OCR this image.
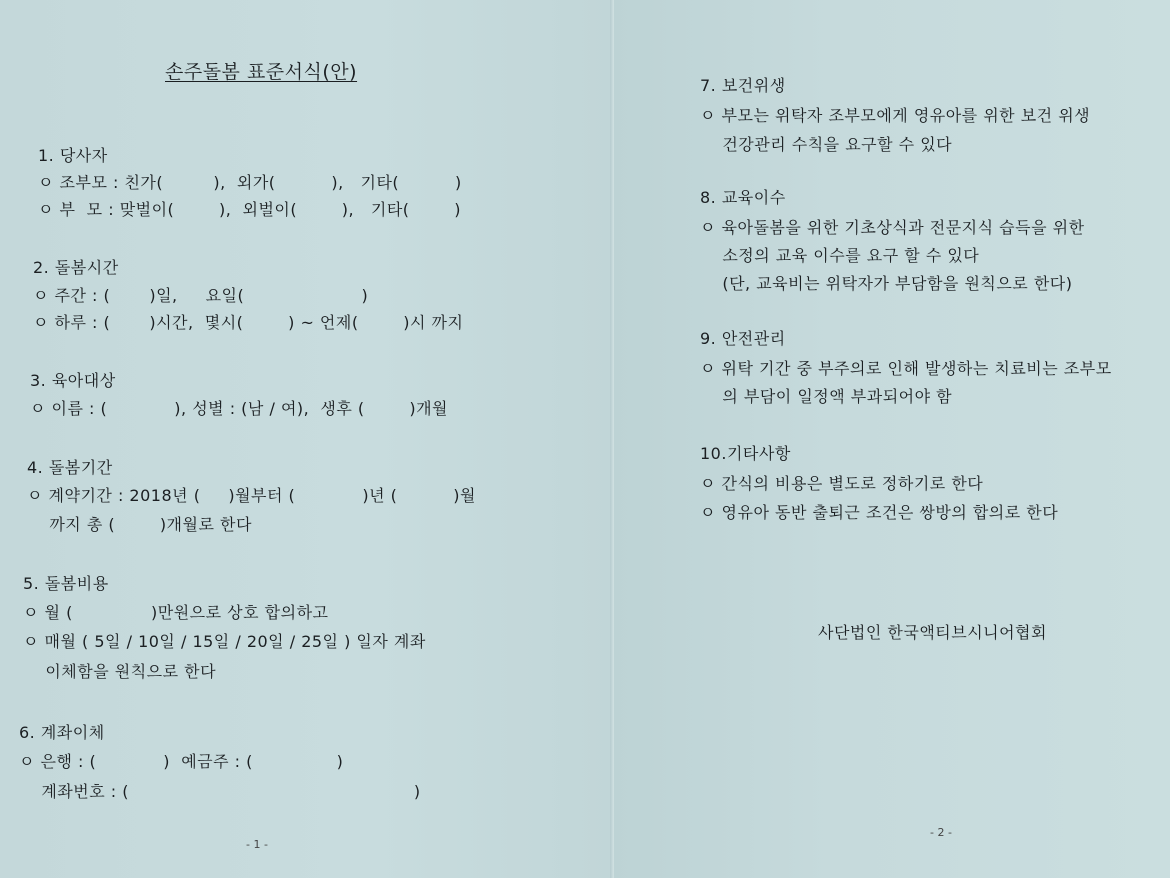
손주돌봄 표준서식(안)
1. 당사자
ㅇ 조부모 : 친가(         ),  외가(          ),   기타(          )
ㅇ 부  모 : 맞벌이(        ),  외벌이(        ),   기타(        )
2. 돌봄시간
ㅇ 주간 : (       )일,     요일(                     )
ㅇ 하루 : (       )시간,  몇시(        ) ~ 언제(        )시 까지
3. 육아대상
ㅇ 이름 : (            ), 성별 : (남 / 여),  생후 (        )개월
4. 돌봄기간
ㅇ 계약기간 : 2018년 (     )월부터 (            )년 (          )월
까지 총 (        )개월로 한다
5. 돌봄비용
ㅇ 월 (              )만원으로 상호 합의하고
ㅇ 매월 ( 5일 / 10일 / 15일 / 20일 / 25일 ) 일자 계좌
이체함을 원칙으로 한다
6. 계좌이체
ㅇ 은행 : (            )  예금주 : (               )
계좌번호 : (                                                   )
- 1 -
7. 보건위생
ㅇ 부모는 위탁자 조부모에게 영유아를 위한 보건 위생
건강관리 수칙을 요구할 수 있다
8. 교육이수
ㅇ 육아돌봄을 위한 기초상식과 전문지식 습득을 위한
소정의 교육 이수를 요구 할 수 있다
(단, 교육비는 위탁자가 부담함을 원칙으로 한다)
9. 안전관리
ㅇ 위탁 기간 중 부주의로 인해 발생하는 치료비는 조부모
의 부담이 일정액 부과되어야 함
10.기타사항
ㅇ 간식의 비용은 별도로 정하기로 한다
ㅇ 영유아 동반 출퇴근 조건은 쌍방의 합의로 한다
사단법인 한국액티브시니어협회
- 2 -
